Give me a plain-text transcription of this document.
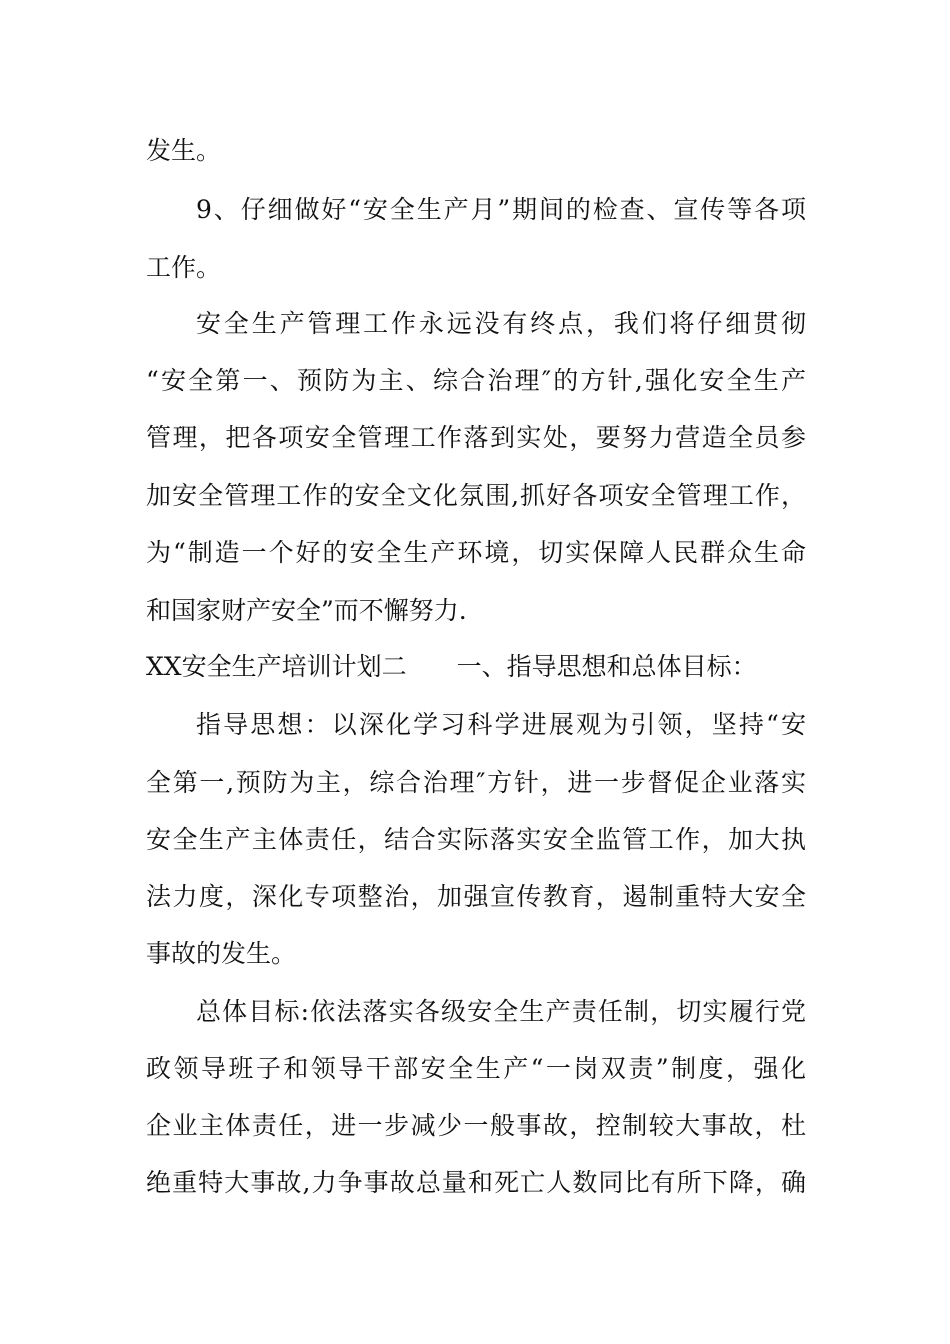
发生。
9、仔细做好“安全生产月”期间的检查、宣传等各项
工作。
安全生产管理工作永远没有终点，我们将仔细贯彻
“安全第一、预防为主、综合治理″的方针,强化安全生产
管理，把各项安全管理工作落到实处，要努力营造全员参
加安全管理工作的安全文化氛围,抓好各项安全管理工作，
为“制造一个好的安全生产环境，切实保障人民群众生命
和国家财产安全”而不懈努力.
XX安全生产培训计划二　　一、指导思想和总体目标：
指导思想：以深化学习科学进展观为引领，坚持“安
全第一,预防为主，综合治理″方针，进一步督促企业落实
安全生产主体责任，结合实际落实安全监管工作，加大执
法力度，深化专项整治，加强宣传教育，遏制重特大安全
事故的发生。
总体目标:依法落实各级安全生产责任制，切实履行党
政领导班子和领导干部安全生产“一岗双责”制度，强化
企业主体责任，进一步减少一般事故，控制较大事故，杜
绝重特大事故,力争事故总量和死亡人数同比有所下降，确
